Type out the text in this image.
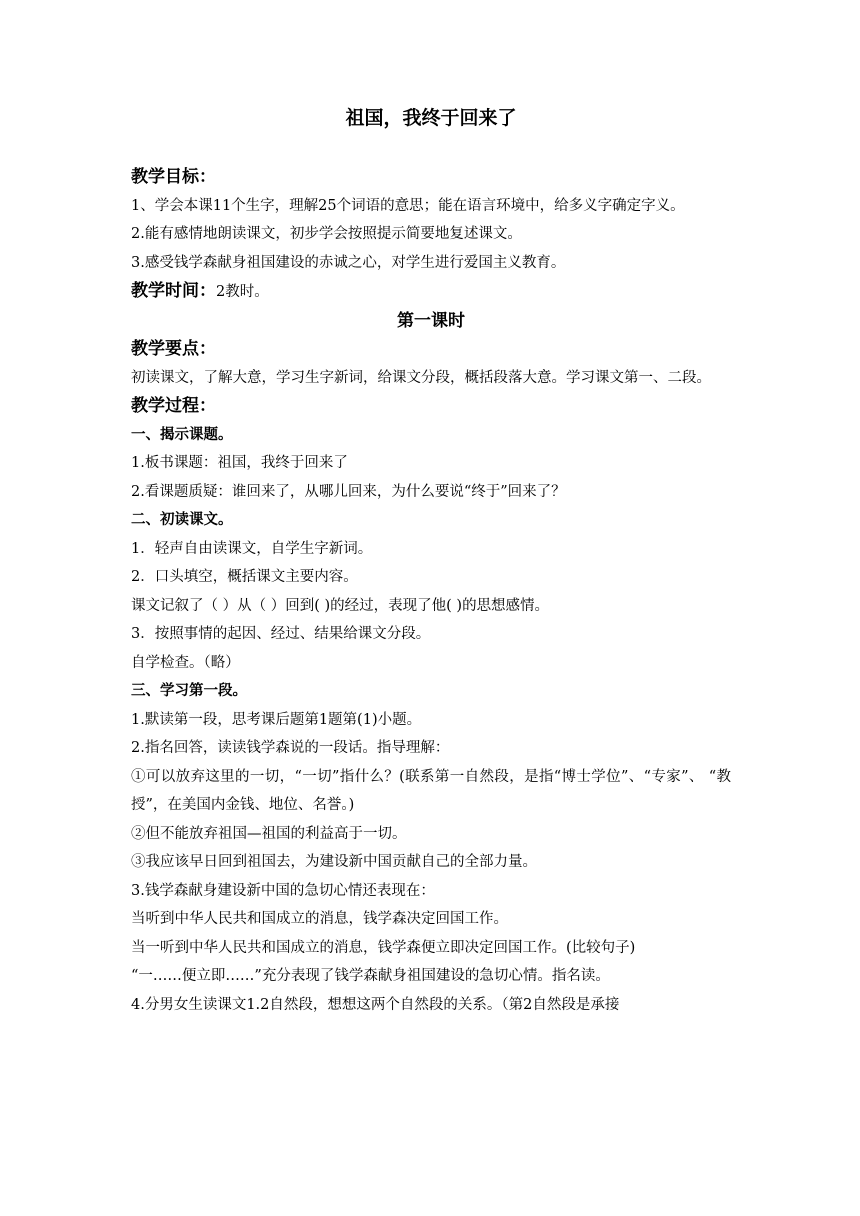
祖国，我终于回来了

教学目标：

1、学会本课11个生字，理解25个词语的意思；能在语言环境中，给多义字确定字义。

2.能有感情地朗读课文，初步学会按照提示简要地复述课文。

3.感受钱学森献身祖国建设的赤诚之心，对学生进行爱国主义教育。

教学时间：2教时。

第一课时

教学要点：

初读课文，了解大意，学习生字新词，给课文分段，概括段落大意。学习课文第一、二段。

教学过程：

一、揭示课题。

1.板书课题：祖国，我终于回来了

2.看课题质疑：谁回来了，从哪儿回来，为什么要说“终于”回来了？

二、初读课文。

1．轻声自由读课文，自学生字新词。

2．口头填空，概括课文主要内容。

课文记叙了（ ）从（ ）回到( )的经过，表现了他( )的思想感情。

3．按照事情的起因、经过、结果给课文分段。

自学检查。（略）

三、学习第一段。

1.默读第一段，思考课后题第1题第(1)小题。

2.指名回答，读读钱学森说的一段话。指导理解：

①可以放弃这里的一切，“一切”指什么？(联系第一自然段，是指“博士学位”、“专家”、 “教授”，在美国内金钱、地位、名誉。)

②但不能放弃祖国—祖国的利益高于一切。

③我应该早日回到祖国去，为建设新中国贡献自己的全部力量。

3.钱学森献身建设新中国的急切心情还表现在：

当听到中华人民共和国成立的消息，钱学森决定回国工作。

当一听到中华人民共和国成立的消息，钱学森便立即决定回国工作。(比较句子)

“一……便立即……”充分表现了钱学森献身祖国建设的急切心情。指名读。

4.分男女生读课文1.2自然段，想想这两个自然段的关系。（第2自然段是承接
